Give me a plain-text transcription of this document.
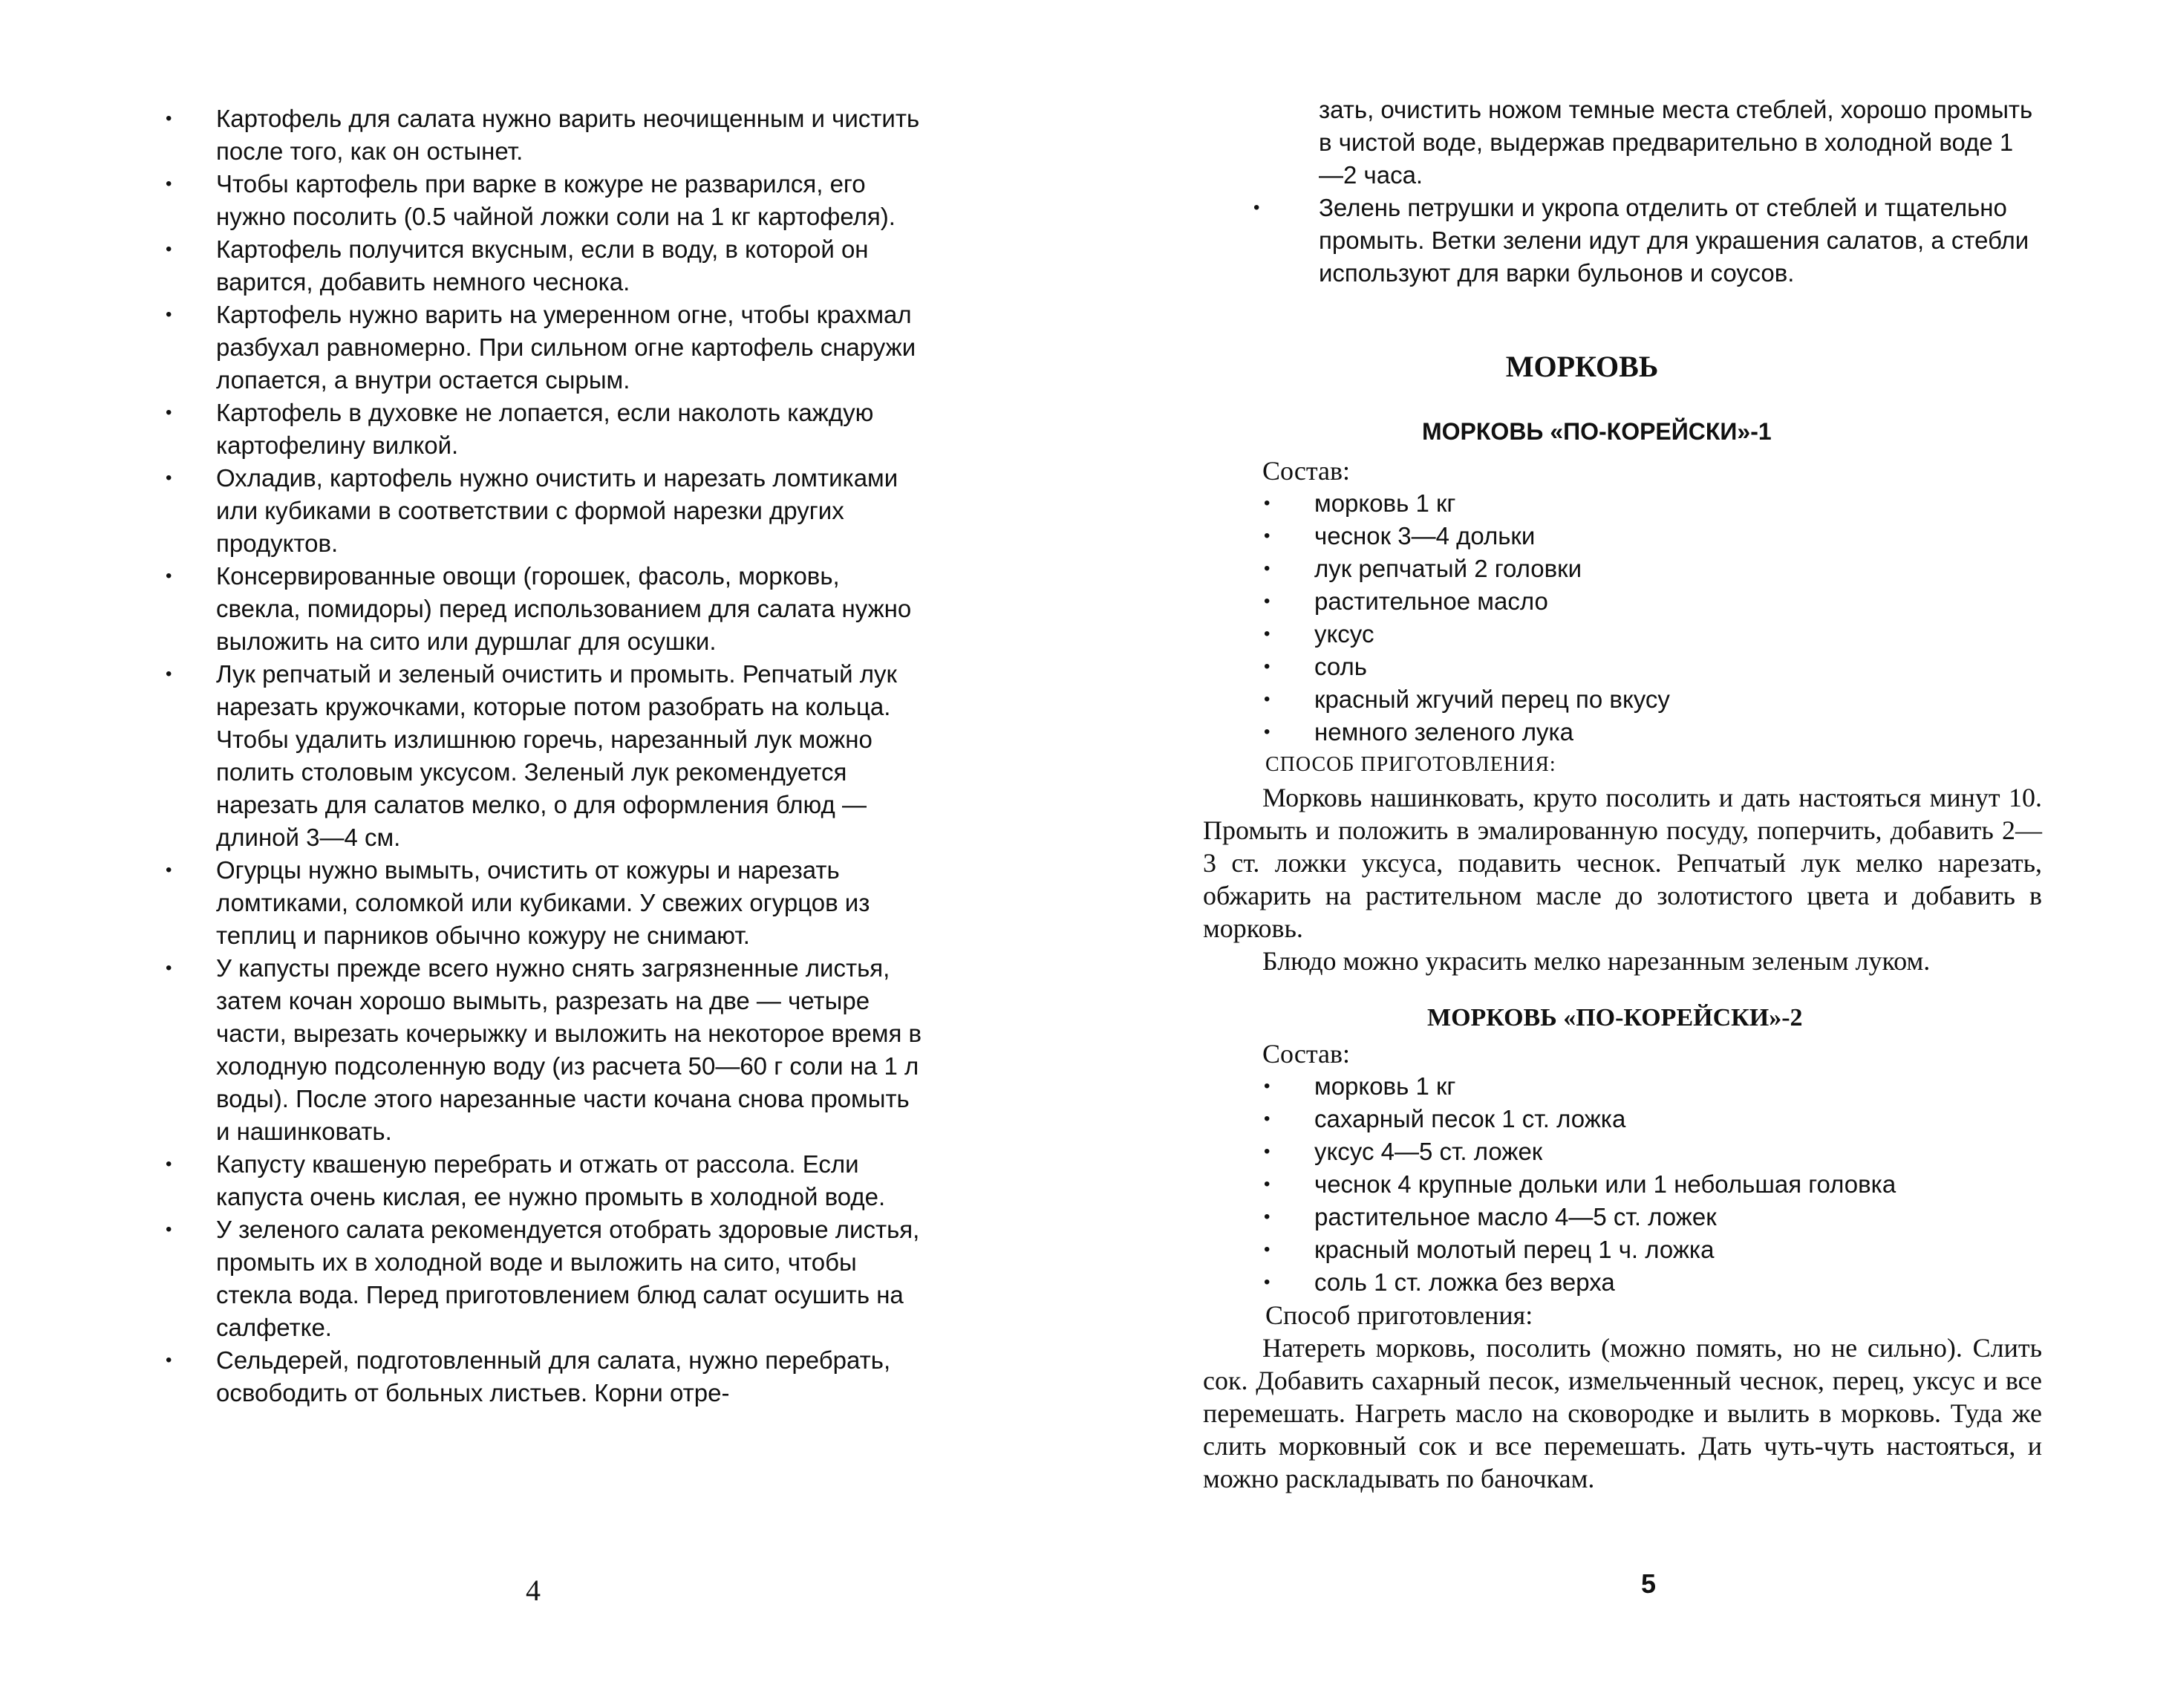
• Картофель для салата нужно варить неочищенным и чистить после того, как он остынет.
• Чтобы картофель при варке в кожуре не разварился, его нужно посолить (0.5 чайной ложки соли на 1 кг картофеля).
• Картофель получится вкусным, если в воду, в которой он варится, добавить немного чеснока.
• Картофель нужно варить на умеренном огне, чтобы крахмал разбухал равномерно. При сильном огне картофель снаружи лопается, а внутри остается сырым.
• Картофель в духовке не лопается, если наколоть каждую картофелину вилкой.
• Охладив, картофель нужно очистить и нарезать ломтиками или кубиками в соответствии с формой нарезки других продуктов.
• Консервированные овощи (горошек, фасоль, морковь, свекла, помидоры) перед использованием для салата нужно выложить на сито или дуршлаг для осушки.
• Лук репчатый и зеленый очистить и промыть. Репчатый лук нарезать кружочками, которые потом разобрать на кольца. Чтобы удалить излишнюю горечь, нарезанный лук можно полить столовым уксусом. Зеленый лук рекомендуется нарезать для салатов мелко, о для оформления блюд — длиной 3—4 см.
• Огурцы нужно вымыть, очистить от кожуры и нарезать ломтиками, соломкой или кубиками. У свежих огурцов из теплиц и парников обычно кожуру не снимают.
• У капусты прежде всего нужно снять загрязненные листья, затем кочан хорошо вымыть, разрезать на две — четыре части, вырезать кочерыжку и выложить на некоторое время в холодную подсоленную воду (из расчета 50—60 г соли на 1 л воды). После этого нарезанные части кочана снова промыть и нашинковать.
• Капусту квашеную перебрать и отжать от рассола. Если капуста очень кислая, ее нужно промыть в холодной воде.
• У зеленого салата рекомендуется отобрать здоровые листья, промыть их в холодной воде и выложить на сито, чтобы стекла вода. Перед приготовлением блюд салат осушить на салфетке.
• Сельдерей, подготовленный для салата, нужно перебрать, освободить от больных листьев. Корни отре-
4
зать, очистить ножом темные места стеблей, хорошо промыть в чистой воде, выдержав предварительно в холодной воде 1—2 часа.
• Зелень петрушки и укропа отделить от стеблей и тщательно промыть. Ветки зелени идут для украшения салатов, а стебли используют для варки бульонов и соусов.
МОРКОВЬ
МОРКОВЬ «ПО-КОРЕЙСКИ»-1

Состав:

• морковь 1 кг
• чеснок 3—4 дольки
• лук репчатый 2 головки
• растительное масло
• уксус
• соль
• красный жгучий перец по вкусу
• немного зеленого лука

СПОСОБ ПРИГОТОВЛЕНИЯ:

Морковь нашинковать, круто посолить и дать настояться минут 10. Промыть и положить в эмалированную посуду, поперчить, добавить 2—3 ст. ложки уксуса, подавить чеснок. Репчатый лук мелко нарезать, обжарить на растительном масле до золотистого цвета и добавить в морковь.

Блюдо можно украсить мелко нарезанным зеленым луком.

МОРКОВЬ «ПО-КОРЕЙСКИ»-2

Состав:

• морковь 1 кг
• сахарный песок 1 ст. ложка
• уксус 4—5 ст. ложек
• чеснок 4 крупные дольки или 1 небольшая головка
• растительное масло 4—5 ст. ложек
• красный молотый перец 1 ч. ложка
• соль 1 ст. ложка без верха

Способ приготовления:

Натереть морковь, посолить (можно помять, но не сильно). Слить сок. Добавить сахарный песок, измельченный чеснок, перец, уксус и все перемешать. Нагреть масло на сковородке и вылить в морковь. Туда же слить морковный сок и все перемешать. Дать чуть-чуть настояться, и можно раскладывать по баночкам.

5
